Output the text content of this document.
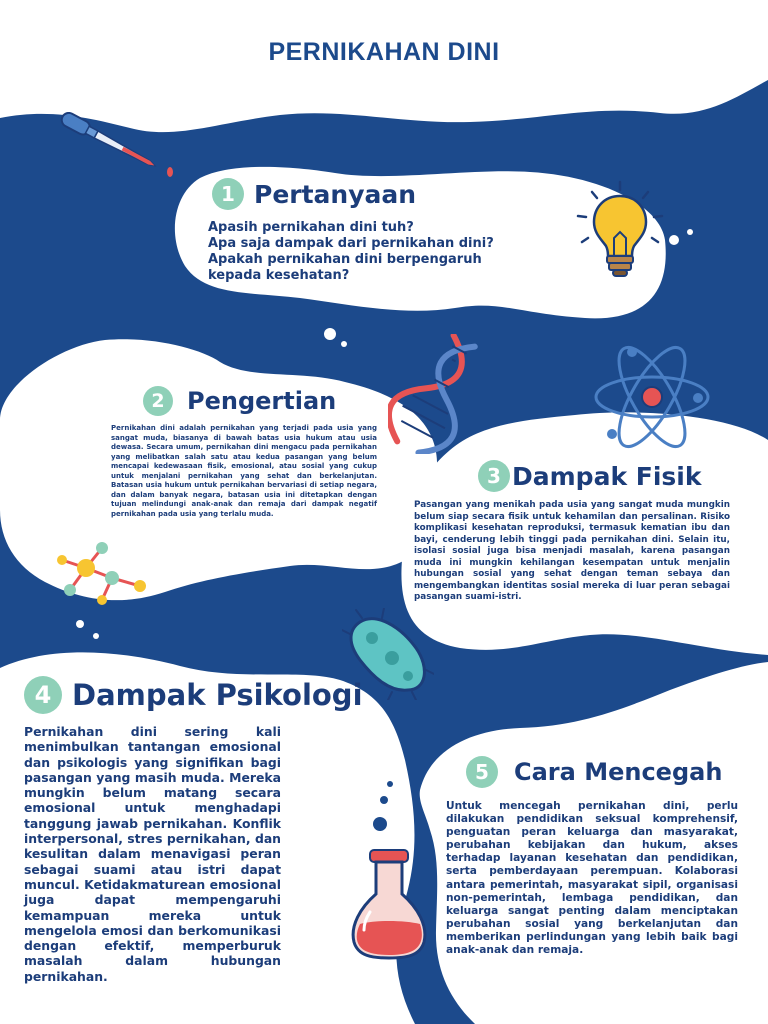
PERNIKAHAN DINI
1 Pertanyaan
Apasih pernikahan dini tuh?
Apa saja dampak dari pernikahan dini?
Apakah pernikahan dini berpengaruh
kepada kesehatan?
2 Pengertian
Pernikahan dini adalah pernikahan yang terjadi pada usia yang sangat muda, biasanya di bawah batas usia hukum atau usia dewasa. Secara umum, pernikahan dini mengacu pada pernikahan yang melibatkan salah satu atau kedua pasangan yang belum mencapai kedewasaan fisik, emosional, atau sosial yang cukup untuk menjalani pernikahan yang sehat dan berkelanjutan. Batasan usia hukum untuk pernikahan bervariasi di setiap negara, dan dalam banyak negara, batasan usia ini ditetapkan dengan tujuan melindungi anak-anak dan remaja dari dampak negatif pernikahan pada usia yang terlalu muda.
3 Dampak Fisik
Pasangan yang menikah pada usia yang sangat muda mungkin belum siap secara fisik untuk kehamilan dan persalinan. Risiko komplikasi kesehatan reproduksi, termasuk kematian ibu dan bayi, cenderung lebih tinggi pada pernikahan dini. Selain itu, isolasi sosial juga bisa menjadi masalah, karena pasangan muda ini mungkin kehilangan kesempatan untuk menjalin hubungan sosial yang sehat dengan teman sebaya dan mengembangkan identitas sosial mereka di luar peran sebagai pasangan suami-istri.
4 Dampak Psikologi
Pernikahan dini sering kali menimbulkan tantangan emosional dan psikologis yang signifikan bagi pasangan yang masih muda. Mereka mungkin belum matang secara emosional untuk menghadapi tanggung jawab pernikahan. Konflik interpersonal, stres pernikahan, dan kesulitan dalam menavigasi peran sebagai suami atau istri dapat muncul. Ketidakmaturean emosional juga dapat mempengaruhi kemampuan mereka untuk mengelola emosi dan berkomunikasi dengan efektif, memperburuk masalah dalam hubungan pernikahan.
5	Cara Mencegah
Untuk mencegah pernikahan dini, perlu dilakukan pendidikan seksual komprehensif, penguatan peran keluarga dan masyarakat, perubahan kebijakan dan hukum, akses terhadap layanan kesehatan dan pendidikan, serta pemberdayaan perempuan. Kolaborasi antara pemerintah, masyarakat sipil, organisasi non-pemerintah, lembaga pendidikan, dan keluarga sangat penting dalam menciptakan perubahan sosial yang berkelanjutan dan memberikan perlindungan yang lebih baik bagi anak-anak dan remaja.
